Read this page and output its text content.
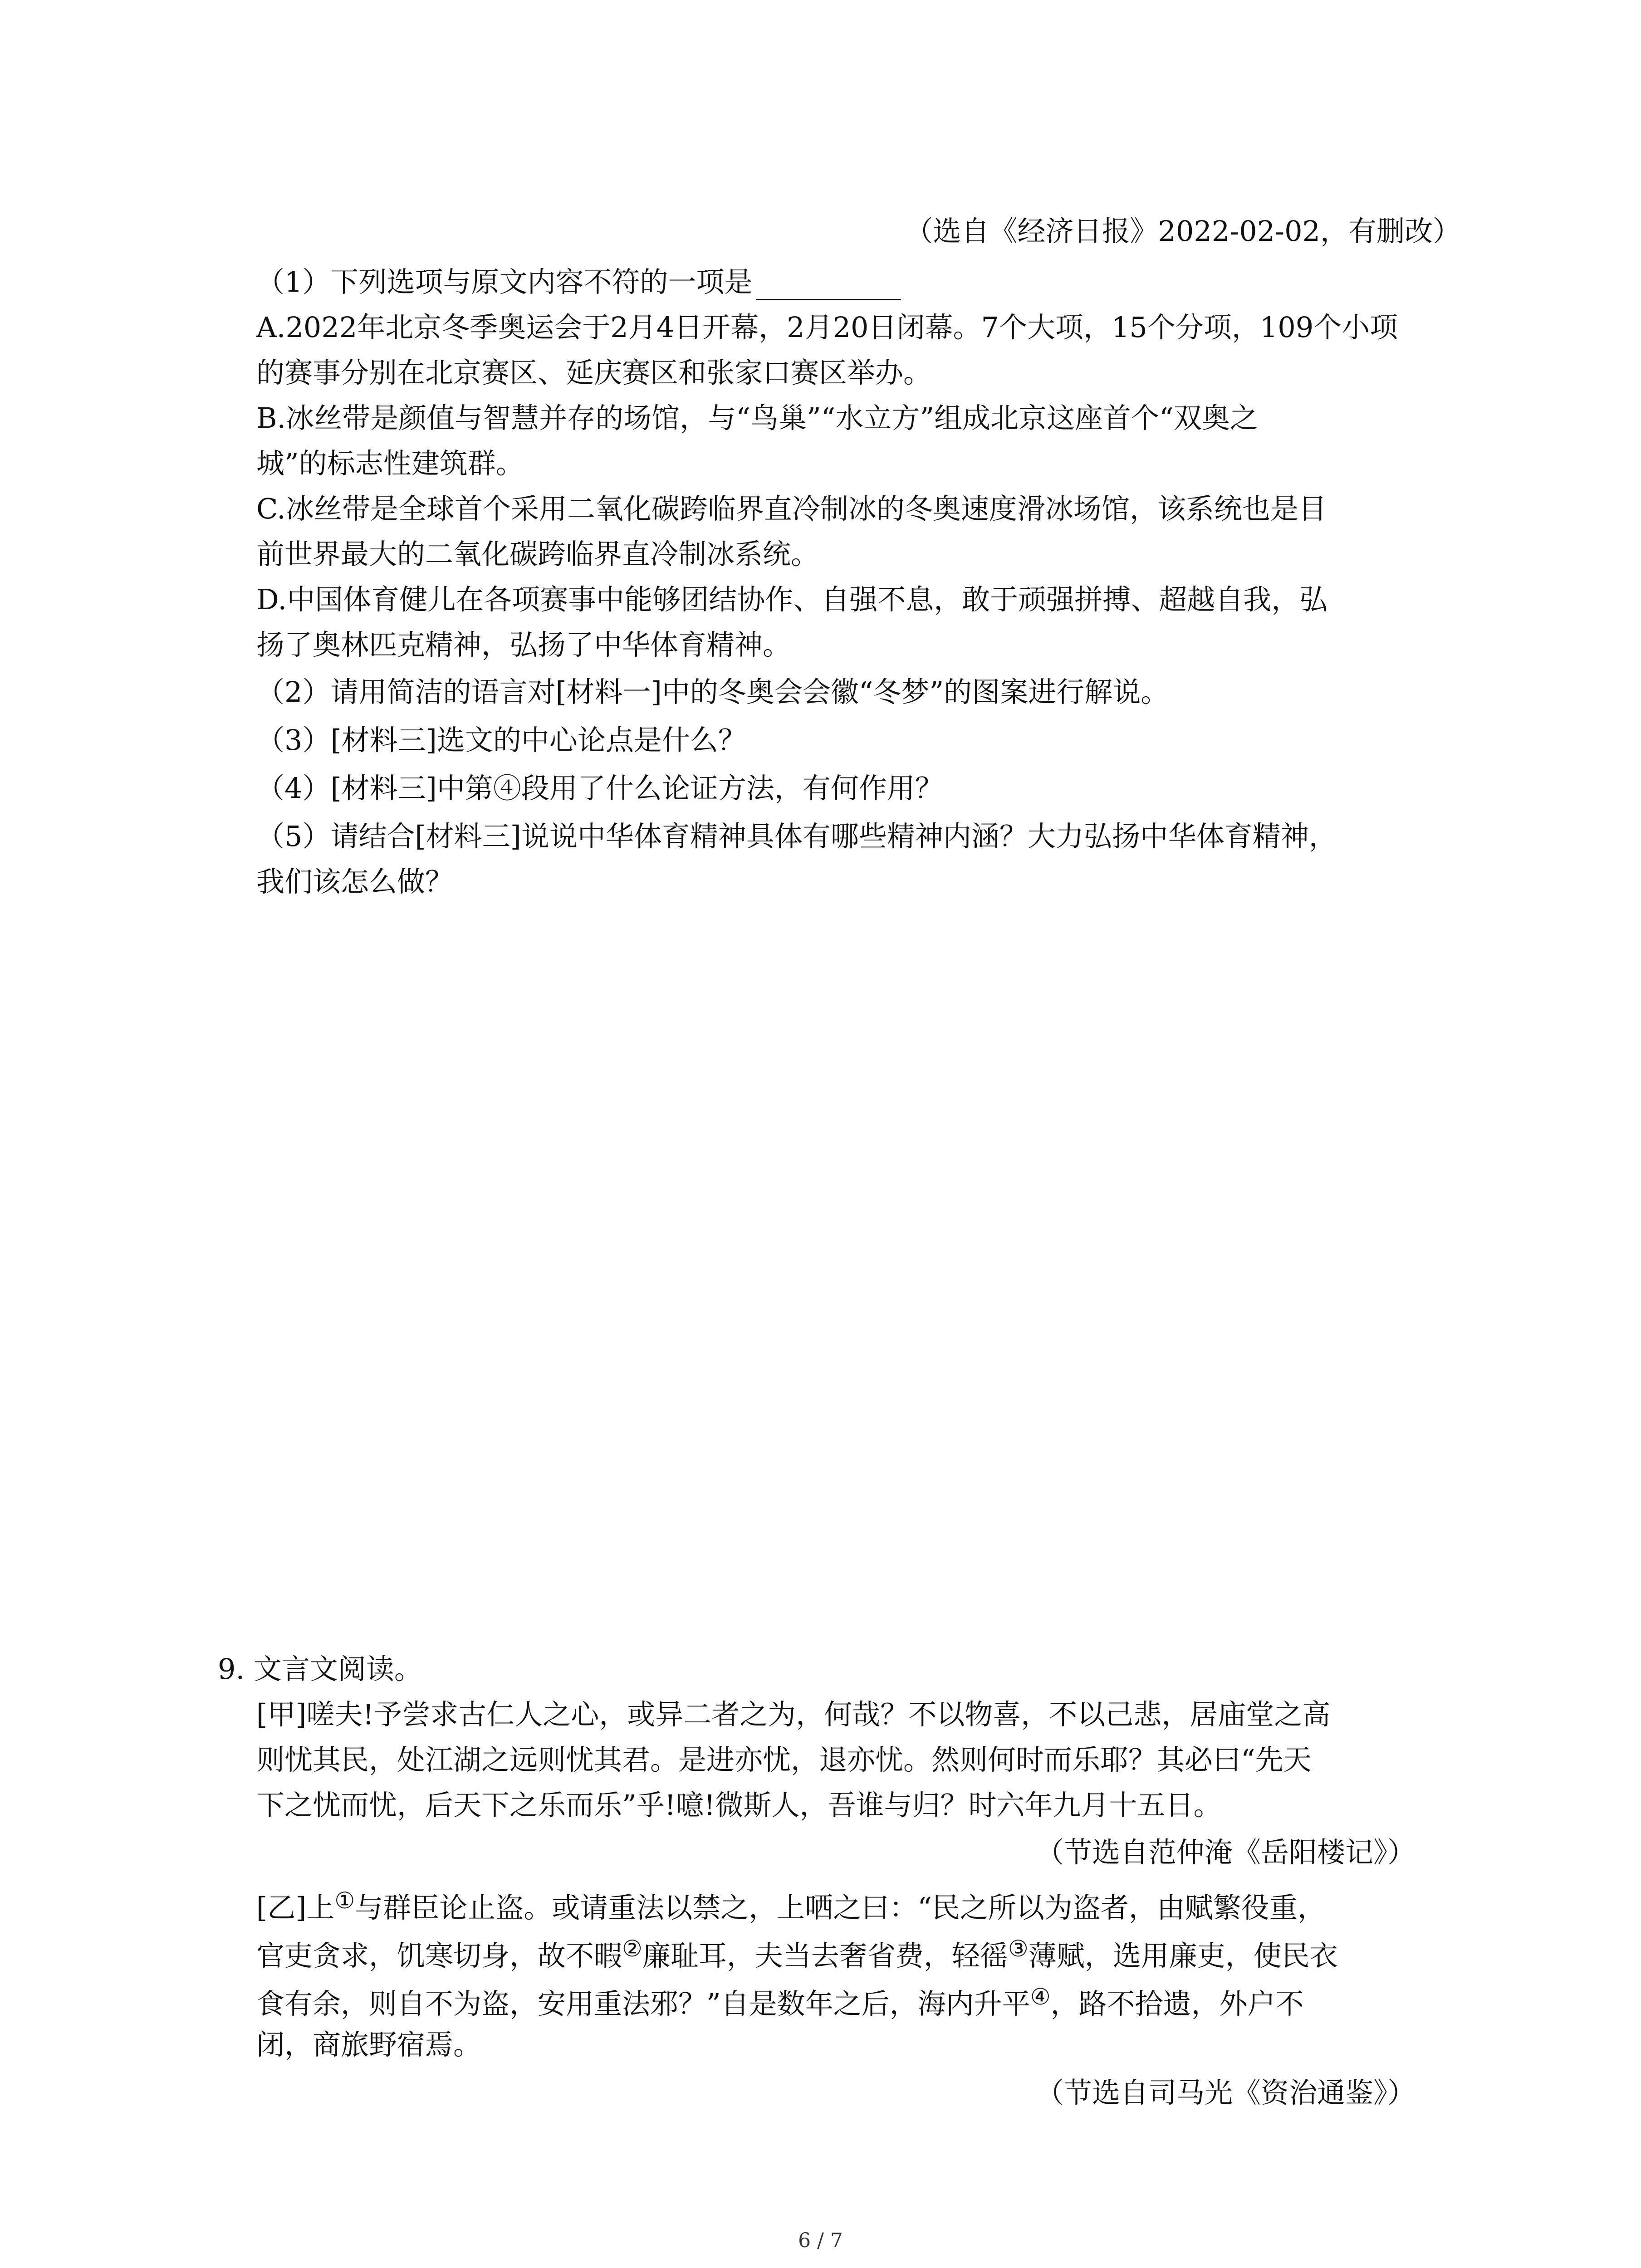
（选自《经济日报》2022-02-02，有删改）

（1）下列选项与原文内容不符的一项是

A.2022年北京冬季奥运会于2月4日开幕，2月20日闭幕。7个大项，15个分项，109个小项

的赛事分别在北京赛区、延庆赛区和张家口赛区举办。

B.冰丝带是颜值与智慧并存的场馆，与“鸟巢”“水立方”组成北京这座首个“双奥之

城”的标志性建筑群。

C.冰丝带是全球首个采用二氧化碳跨临界直冷制冰的冬奥速度滑冰场馆，该系统也是目

前世界最大的二氧化碳跨临界直冷制冰系统。

D.中国体育健儿在各项赛事中能够团结协作、自强不息，敢于顽强拼搏、超越自我，弘

扬了奥林匹克精神，弘扬了中华体育精神。

（2）请用简洁的语言对[材料一]中的冬奥会会徽“冬梦”的图案进行解说。

（3）[材料三]选文的中心论点是什么？

（4）[材料三]中第④段用了什么论证方法，有何作用？

（5）请结合[材料三]说说中华体育精神具体有哪些精神内涵？大力弘扬中华体育精神，

我们该怎么做？

9. 文言文阅读。

[甲]嗟夫!予尝求古仁人之心，或异二者之为，何哉？不以物喜，不以己悲，居庙堂之高

则忧其民，处江湖之远则忧其君。是进亦忧，退亦忧。然则何时而乐耶？其必曰“先天

下之忧而忧，后天下之乐而乐”乎!噫!微斯人，吾谁与归？时六年九月十五日。

（节选自范仲淹《岳阳楼记》）

[乙]上①与群臣论止盗。或请重法以禁之，上哂之曰：“民之所以为盗者，由赋繁役重，

官吏贪求，饥寒切身，故不暇②廉耻耳，夫当去奢省费，轻徭③薄赋，选用廉吏，使民衣

食有余，则自不为盗，安用重法邪？”自是数年之后，海内升平④，路不拾遗，外户不

闭，商旅野宿焉。

（节选自司马光《资治通鉴》）

6 / 7
